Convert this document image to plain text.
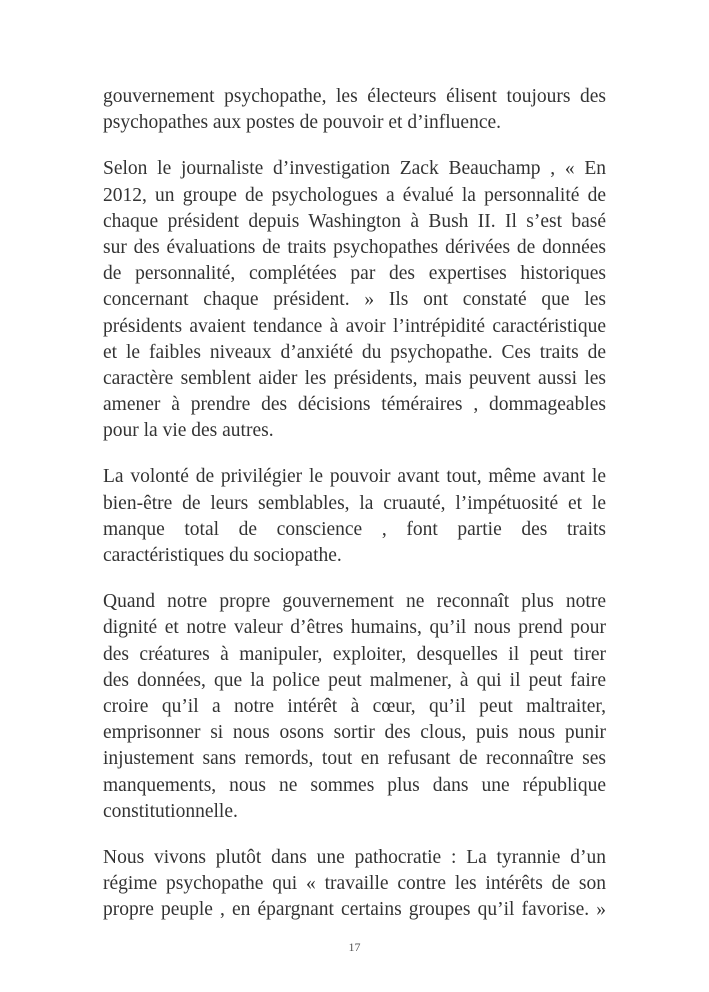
gouvernement psychopathe, les électeurs élisent toujours des
psychopathes aux postes de pouvoir et d’influence.
Selon le journaliste d’investigation Zack Beauchamp , « En
2012, un groupe de psychologues a évalué la personnalité de
chaque président depuis Washington à Bush II. Il s’est basé
sur des évaluations de traits psychopathes dérivées de données
de personnalité, complétées par des expertises historiques
concernant chaque président. » Ils ont constaté que les
présidents avaient tendance à avoir l’intrépidité caractéristique
et le faibles niveaux d’anxiété du psychopathe. Ces traits de
caractère semblent aider les présidents, mais peuvent aussi les
amener à prendre des décisions téméraires , dommageables
pour la vie des autres.
La volonté de privilégier le pouvoir avant tout, même avant le
bien-être de leurs semblables, la cruauté, l’impétuosité et le
manque total de conscience , font partie des traits
caractéristiques du sociopathe.
Quand notre propre gouvernement ne reconnaît plus notre
dignité et notre valeur d’êtres humains, qu’il nous prend pour
des créatures à manipuler, exploiter, desquelles il peut tirer
des données, que la police peut malmener, à qui il peut faire
croire qu’il a notre intérêt à cœur, qu’il peut maltraiter,
emprisonner si nous osons sortir des clous, puis nous punir
injustement sans remords, tout en refusant de reconnaître ses
manquements, nous ne sommes plus dans une république
constitutionnelle.
Nous vivons plutôt dans une pathocratie : La tyrannie d’un
régime psychopathe qui « travaille contre les intérêts de son
propre peuple , en épargnant certains groupes qu’il favorise. »
17
